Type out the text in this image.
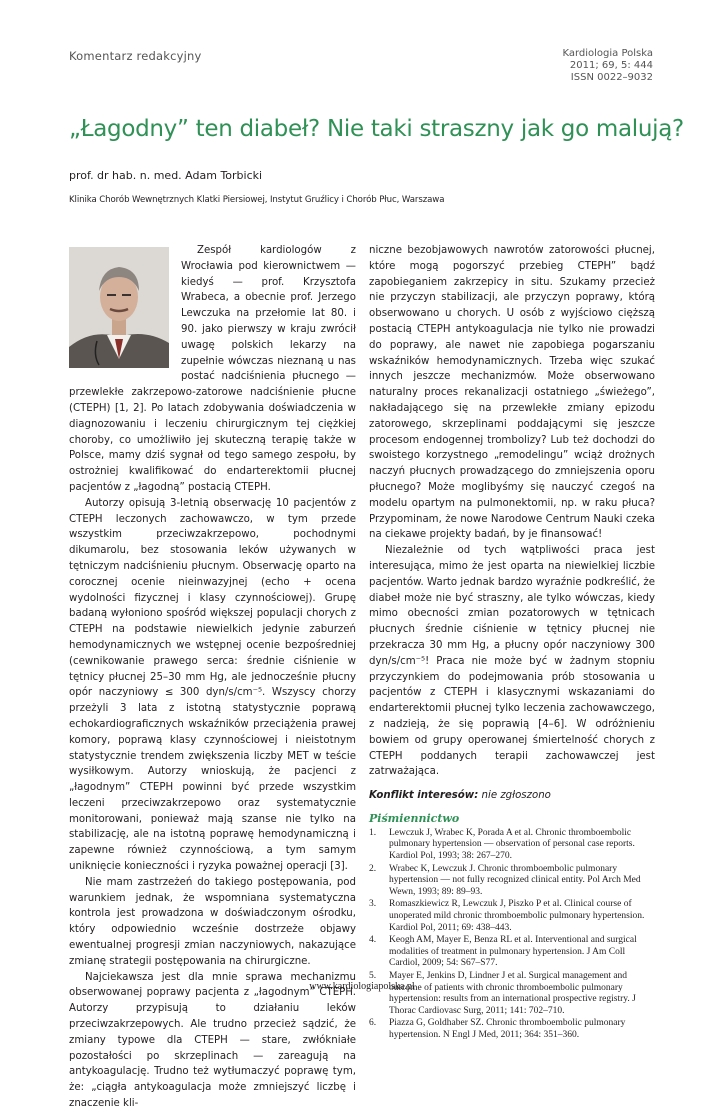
Komentarz redakcyjny	Kardiologia Polska
2011; 69, 5: 444
ISSN 0022–9032
„Łagodny” ten diabeł? Nie taki straszny jak go malują?
prof. dr hab. n. med. Adam Torbicki
Klinika Chorób Wewnętrznych Klatki Piersiowej, Instytut Gruźlicy i Chorób Płuc, Warszawa

Zespół kardiologów z Wrocławia pod kierownictwem — kiedyś — prof. Krzysztofa Wrabeca, a obecnie prof. Jerzego Lewczuka na przełomie lat 80. i 90. jako pierwszy w kraju zwrócił uwagę polskich lekarzy na zupełnie wówczas nieznaną u nas postać nadciśnienia płucnego — przewlekłe zakrzepowo-zatorowe nadciśnienie płucne (CTEPH) [1, 2]. Po latach zdobywania doświadczenia w diagnozowaniu i leczeniu chirurgicznym tej ciężkiej choroby, co umożliwiło jej skuteczną terapię także w Polsce, mamy dziś sygnał od tego samego zespołu, by ostrożniej kwalifikować do endarterektomii płucnej pacjentów z „łagodną” postacią CTEPH.

Autorzy opisują 3-letnią obserwację 10 pacjentów z CTEPH leczonych zachowawczo, w tym przede wszystkim przeciwzakrzepowo, pochodnymi dikumarolu, bez stosowania leków używanych w tętniczym nadciśnieniu płucnym. Obserwację oparto na corocznej ocenie nieinwazyjnej (echo + ocena wydolności fizycznej i klasy czynnościowej). Grupę badaną wyłoniono spośród większej populacji chorych z CTEPH na podstawie niewielkich jedynie zaburzeń hemodynamicznych we wstępnej ocenie bezpośredniej (cewnikowanie prawego serca: średnie ciśnienie w tętnicy płucnej 25–30 mm Hg, ale jednocześnie płucny opór naczyniowy ≤ 300 dyn/s/cm⁻⁵. Wszyscy chorzy przeżyli 3 lata z istotną statystycznie poprawą echokardiograficznych wskaźników przeciążenia prawej komory, poprawą klasy czynnościowej i nieistotnym statystycznie trendem zwiększenia liczby MET w teście wysiłkowym. Autorzy wnioskują, że pacjenci z „łagodnym” CTEPH powinni być przede wszystkim leczeni przeciwzakrzepowo oraz systematycznie monitorowani, ponieważ mają szanse nie tylko na stabilizację, ale na istotną poprawę hemodynamiczną i zapewne również czynnościową, a tym samym uniknięcie konieczności i ryzyka poważnej operacji [3].

Nie mam zastrzeżeń do takiego postępowania, pod warunkiem jednak, że wspomniana systematyczna kontrola jest prowadzona w doświadczonym ośrodku, który odpowiednio wcześnie dostrzeże objawy ewentualnej progresji zmian naczyniowych, nakazujące zmianę strategii postępowania na chirurgiczne.

Najciekawsza jest dla mnie sprawa mechanizmu obserwowanej poprawy pacjenta z „łagodnym” CTEPH. Autorzy przypisują to działaniu leków przeciwzakrzepowych. Ale trudno przecież sądzić, że zmiany typowe dla CTEPH — stare, zwłókniałe pozostałości po skrzeplinach — zareagują na antykoagulację. Trudno też wytłumaczyć poprawę tym, że: „ciągła antykoagulacja może zmniejszyć liczbę i znaczenie kli-

niczne bezobjawowych nawrotów zatorowości płucnej, które mogą pogorszyć przebieg CTEPH” bądź zapobieganiem zakrzepicy in situ. Szukamy przecież nie przyczyn stabilizacji, ale przyczyn poprawy, którą obserwowano u chorych. U osób z wyjściowo cięższą postacią CTEPH antykoagulacja nie tylko nie prowadzi do poprawy, ale nawet nie zapobiega pogarszaniu wskaźników hemodynamicznych. Trzeba więc szukać innych jeszcze mechanizmów. Może obserwowano naturalny proces rekanalizacji ostatniego „świeżego”, nakładającego się na przewlekłe zmiany epizodu zatorowego, skrzeplinami poddającymi się jeszcze procesom endogennej trombolizy? Lub też dochodzi do swoistego korzystnego „remodelingu” wciąż drożnych naczyń płucnych prowadzącego do zmniejszenia oporu płucnego? Może moglibyśmy się nauczyć czegoś na modelu opartym na pulmonektomii, np. w raku płuca? Przypominam, że nowe Narodowe Centrum Nauki czeka na ciekawe projekty badań, by je finansować!

Niezależnie od tych wątpliwości praca jest interesująca, mimo że jest oparta na niewielkiej liczbie pacjentów. Warto jednak bardzo wyraźnie podkreślić, że diabeł może nie być straszny, ale tylko wówczas, kiedy mimo obecności zmian pozatorowych w tętnicach płucnych średnie ciśnienie w tętnicy płucnej nie przekracza 30 mm Hg, a płucny opór naczyniowy 300 dyn/s/cm⁻⁵! Praca nie może być w żadnym stopniu przyczynkiem do podejmowania prób stosowania u pacjentów z CTEPH i klasycznymi wskazaniami do endarterektomii płucnej tylko leczenia zachowawczego, z nadzieją, że się poprawią [4–6]. W odróżnieniu bowiem od grupy operowanej śmiertelność chorych z CTEPH poddanych terapii zachowawczej jest zatrważająca.

Konflikt interesów: nie zgłoszono

Piśmiennictwo
1.	Lewczuk J, Wrabec K, Porada A et al. Chronic thromboembolic pulmonary hypertension — observation of personal case reports. Kardiol Pol, 1993; 38: 267–270.
2.	Wrabec K, Lewczuk J. Chronic thromboembolic pulmonary hypertension — not fully recognized clinical entity. Pol Arch Med Wewn, 1993; 89: 89–93.
3.	Romaszkiewicz R, Lewczuk J, Piszko P et al. Clinical course of unoperated mild chronic thromboembolic pulmonary hypertension. Kardiol Pol, 2011; 69: 438–443.
4.	Keogh AM, Mayer E, Benza RL et al. Interventional and surgical modalities of treatment in pulmonary hypertension. J Am Coll Cardiol, 2009; 54: S67–S77.
5.	Mayer E, Jenkins D, Lindner J et al. Surgical management and outcome of patients with chronic thromboembolic pulmonary hypertension: results from an international prospective registry. J Thorac Cardiovasc Surg, 2011; 141: 702–710.
6.	Piazza G, Goldhaber SZ. Chronic thromboembolic pulmonary hypertension. N Engl J Med, 2011; 364: 351–360.
www.kardiologiapolska.pl
